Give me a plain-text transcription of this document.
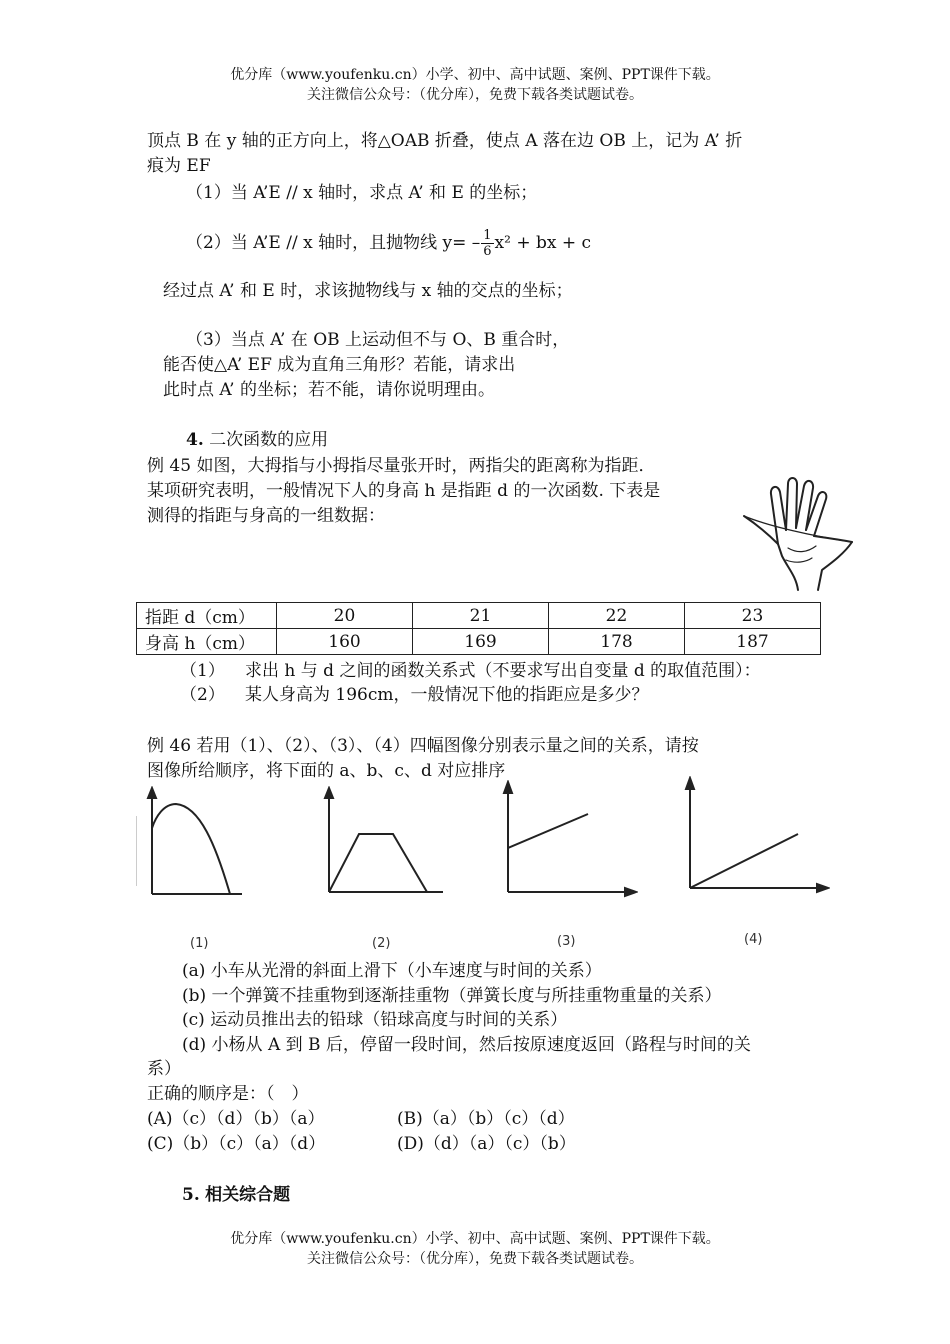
优分库（www.youfenku.cn）小学、初中、高中试题、案例、PPT课件下载。
关注微信公众号：（优分库），免费下载各类试题试卷。
顶点 B 在 y 轴的正方向上，将△OAB 折叠，使点 A 落在边 OB 上，记为 A’ 折
痕为 EF
（1）当 A’E // x 轴时，求点 A’ 和 E 的坐标；
（2）当 A’E // x 轴时，且抛物线 $y= - \frac{1}{6} x^2$ + bx + c
经过点 A’ 和 E 时，求该抛物线与 x 轴的交点的坐标；
（3）当点 A’ 在 OB 上运动但不与 O、B 重合时，
能否使△A’ EF 成为直角三角形？若能，请求出
此时点 A’ 的坐标；若不能，请你说明理由。
4. 二次函数的应用
例 45 如图，大拇指与小拇指尽量张开时，两指尖的距离称为指距．
某项研究表明，一般情况下人的身高 h 是指距 d 的一次函数. 下表是
测得的指距与身高的一组数据：
指距 d（cm）	20	21	22	23
身高 h（cm）	160	169	178	187
（1） 求出 h 与 d 之间的函数关系式（不要求写出自变量 d 的取值范围）：
（2） 某人身高为 196cm，一般情况下他的指距应是多少？
例 46 若用（1）、（2）、（3）、（4）四幅图像分别表示量之间的关系，请按
图像所给顺序，将下面的 a、b、c、d 对应排序
(1)	(2)	(3)	(4)
(a) 小车从光滑的斜面上滑下（小车速度与时间的关系）
(b) 一个弹簧不挂重物到逐渐挂重物（弹簧长度与所挂重物重量的关系）
(c) 运动员推出去的铅球（铅球高度与时间的关系）
(d) 小杨从 A 到 B 后，停留一段时间，然后按原速度返回（路程与时间的关
系）
正确的顺序是：（　）
(A)（c）（d）（b）（a）	(B)（a）（b）（c）（d）
(C)（b）（c）（a）（d）	(D)（d）（a）（c）（b）
5. 相关综合题
优分库（www.youfenku.cn）小学、初中、高中试题、案例、PPT课件下载。
关注微信公众号：（优分库），免费下载各类试题试卷。
